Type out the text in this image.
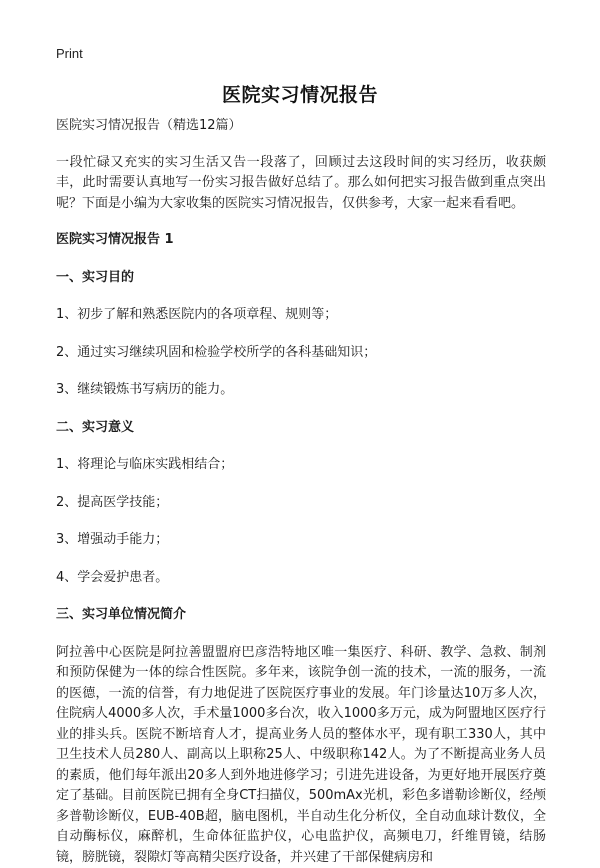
Print
医院实习情况报告

医院实习情况报告（精选12篇）

一段忙碌又充实的实习生活又告一段落了，回顾过去这段时间的实习经历，收获颇丰，此时需要认真地写一份实习报告做好总结了。那么如何把实习报告做到重点突出呢？下面是小编为大家收集的医院实习情况报告，仅供参考，大家一起来看看吧。

医院实习情况报告 1

一、实习目的

1、初步了解和熟悉医院内的各项章程、规则等；

2、通过实习继续巩固和检验学校所学的各科基础知识；

3、继续锻炼书写病历的能力。

二、实习意义

1、将理论与临床实践相结合；

2、提高医学技能；

3、增强动手能力；

4、学会爱护患者。

三、实习单位情况简介

阿拉善中心医院是阿拉善盟盟府巴彦浩特地区唯一集医疗、科研、教学、急救、制剂和预防保健为一体的综合性医院。多年来，该院争创一流的技术，一流的服务，一流的医德，一流的信誉，有力地促进了医院医疗事业的发展。年门诊量达10万多人次，住院病人4000多人次，手术量1000多台次，收入1000多万元，成为阿盟地区医疗行业的排头兵。医院不断培育人才，提高业务人员的整体水平，现有职工330人，其中卫生技术人员280人、副高以上职称25人、中级职称142人。为了不断提高业务人员的素质，他们每年派出20多人到外地进修学习；引进先进设备，为更好地开展医疗奠定了基础。目前医院已拥有全身CT扫描仪，500mAx光机，彩色多谱勒诊断仪，经颅多普勒诊断仪，EUB-40B超，脑电图机，半自动生化分析仪，全自动血球计数仪，全自动酶标仪，麻醉机，生命体征监护仪，心电监护仪，高频电刀，纤维胃镜，结肠镜，膀胱镜，裂隙灯等高精尖医疗设备，并兴建了干部保健病房和
